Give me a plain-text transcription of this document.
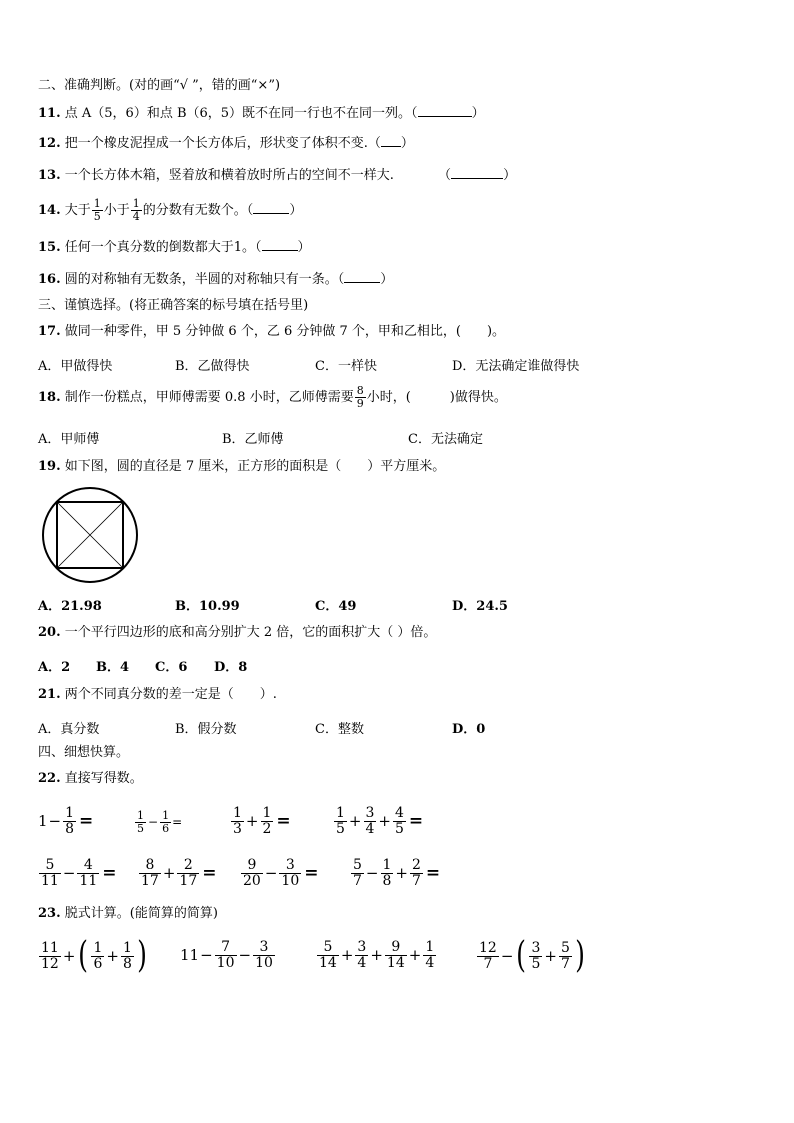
二、准确判断。(对的画“√ ”，错的画“×”)
11. 点 A（5，6）和点 B（6，5）既不在同一行也不在同一列。（	）
12. 把一个橡皮泥捏成一个长方体后，形状变了体积不变.（ ）
13. 一个长方体木箱，竖着放和横着放时所占的空间不一样大.	（	）
14. 大于 $\frac{1}{5}$ 小于 $\frac{1}{4}$ 的分数有无数个。（	）
15. 任何一个真分数的倒数都大于1。（	）
16. 圆的对称轴有无数条，半圆的对称轴只有一条。（	）
三、谨慎选择。(将正确答案的标号填在括号里)
17. 做同一种零件，甲 5 分钟做 6 个，乙 6 分钟做 7 个，甲和乙相比，(　　)。
A．甲做得快	B．乙做得快	C．一样快	D．无法确定谁做得快
18. 制作一份糕点，甲师傅需要 0.8 小时，乙师傅需要 $\frac{8}{9}$ 小时，(　　　)做得快。
A．甲师傅	B．乙师傅	C．无法确定
19. 如下图，圆的直径是 7 厘米，正方形的面积是（　　）平方厘米。
A．21.98	B．10.99	C．49	D．24.5
20. 一个平行四边形的底和高分别扩大 2 倍，它的面积扩大（ ）倍。
A．2 B．4 C．6 D．8
21. 两个不同真分数的差一定是（　　）.
A．真分数	B．假分数	C．整数	D．0
四、细想快算。
22. 直接写得数。
$1 - \frac{1}{8}$ =	$\frac{1}{5} - \frac{1}{6}$ =	$\frac{1}{3} + \frac{1}{2}$ =	$\frac{1}{5} + \frac{3}{4} + \frac{4}{5}$ =
$\frac{5}{11} - \frac{4}{11} = \frac{8}{17} + \frac{2}{17} = \frac{9}{20} - \frac{3}{10} = \frac{5}{7} - \frac{1}{8} + \frac{2}{7}$ =
23. 脱式计算。(能简算的简算)
$\frac{11}{12}$ + ( $\frac{1}{6} + \frac{1}{8}$ ) $11 - \frac{7}{10} - \frac{3}{10}$	$\frac{5}{14} + \frac{3}{4} + \frac{9}{14} + \frac{1}{4}$	$\frac{12}{7}$ − ( $\frac{3}{5} + \frac{5}{7}$ )
